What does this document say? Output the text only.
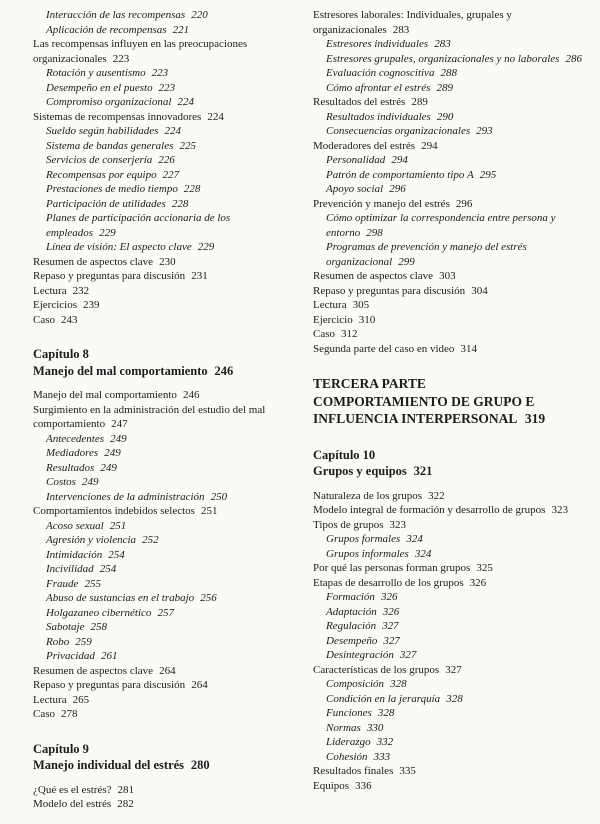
Interacción de las recompensas 220
Aplicación de recompensas 221
Las recompensas influyen en las preocupaciones organizacionales 223
Rotación y ausentismo 223
Desempeño en el puesto 223
Compromiso organizacional 224
Sistemas de recompensas innovadores 224
Sueldo según habilidades 224
Sistema de bandas generales 225
Servicios de conserjería 226
Recompensas por equipo 227
Prestaciones de medio tiempo 228
Participación de utilidades 228
Planes de participación accionaria de los empleados 229
Línea de visión: El aspecto clave 229
Resumen de aspectos clave 230
Repaso y preguntas para discusión 231
Lectura 232
Ejercicios 239
Caso 243
Capítulo 8
Manejo del mal comportamiento 246
Manejo del mal comportamiento 246
Surgimiento en la administración del estudio del mal comportamiento 247
Antecedentes 249
Mediadores 249
Resultados 249
Costos 249
Intervenciones de la administración 250
Comportamientos indebidos selectos 251
Acoso sexual 251
Agresión y violencia 252
Intimidación 254
Incivilidad 254
Fraude 255
Abuso de sustancias en el trabajo 256
Holgazaneo cibernético 257
Sabotaje 258
Robo 259
Privacidad 261
Resumen de aspectos clave 264
Repaso y preguntas para discusión 264
Lectura 265
Caso 278
Capítulo 9
Manejo individual del estrés 280
¿Qué es el estrés? 281
Modelo del estrés 282
Estresores laborales: Individuales, grupales y organizacionales 283
Estresores individuales 283
Estresores grupales, organizacionales y no laborales 286
Evaluación cognoscitiva 288
Cómo afrontar el estrés 289
Resultados del estrés 289
Resultados individuales 290
Consecuencias organizacionales 293
Moderadores del estrés 294
Personalidad 294
Patrón de comportamiento tipo A 295
Apoyo social 296
Prevención y manejo del estrés 296
Cómo optimizar la correspondencia entre persona y entorno 298
Programas de prevención y manejo del estrés organizacional 299
Resumen de aspectos clave 303
Repaso y preguntas para discusión 304
Lectura 305
Ejercicio 310
Caso 312
Segunda parte del caso en video 314
TERCERA PARTE
COMPORTAMIENTO DE GRUPO E INFLUENCIA INTERPERSONAL 319
Capítulo 10
Grupos y equipos 321
Naturaleza de los grupos 322
Modelo integral de formación y desarrollo de grupos 323
Tipos de grupos 323
Grupos formales 324
Grupos informales 324
Por qué las personas forman grupos 325
Etapas de desarrollo de los grupos 326
Formación 326
Adaptación 326
Regulación 327
Desempeño 327
Desintegración 327
Características de los grupos 327
Composición 328
Condición en la jerarquía 328
Funciones 328
Normas 330
Liderazgo 332
Cohesión 333
Resultados finales 335
Equipos 336
